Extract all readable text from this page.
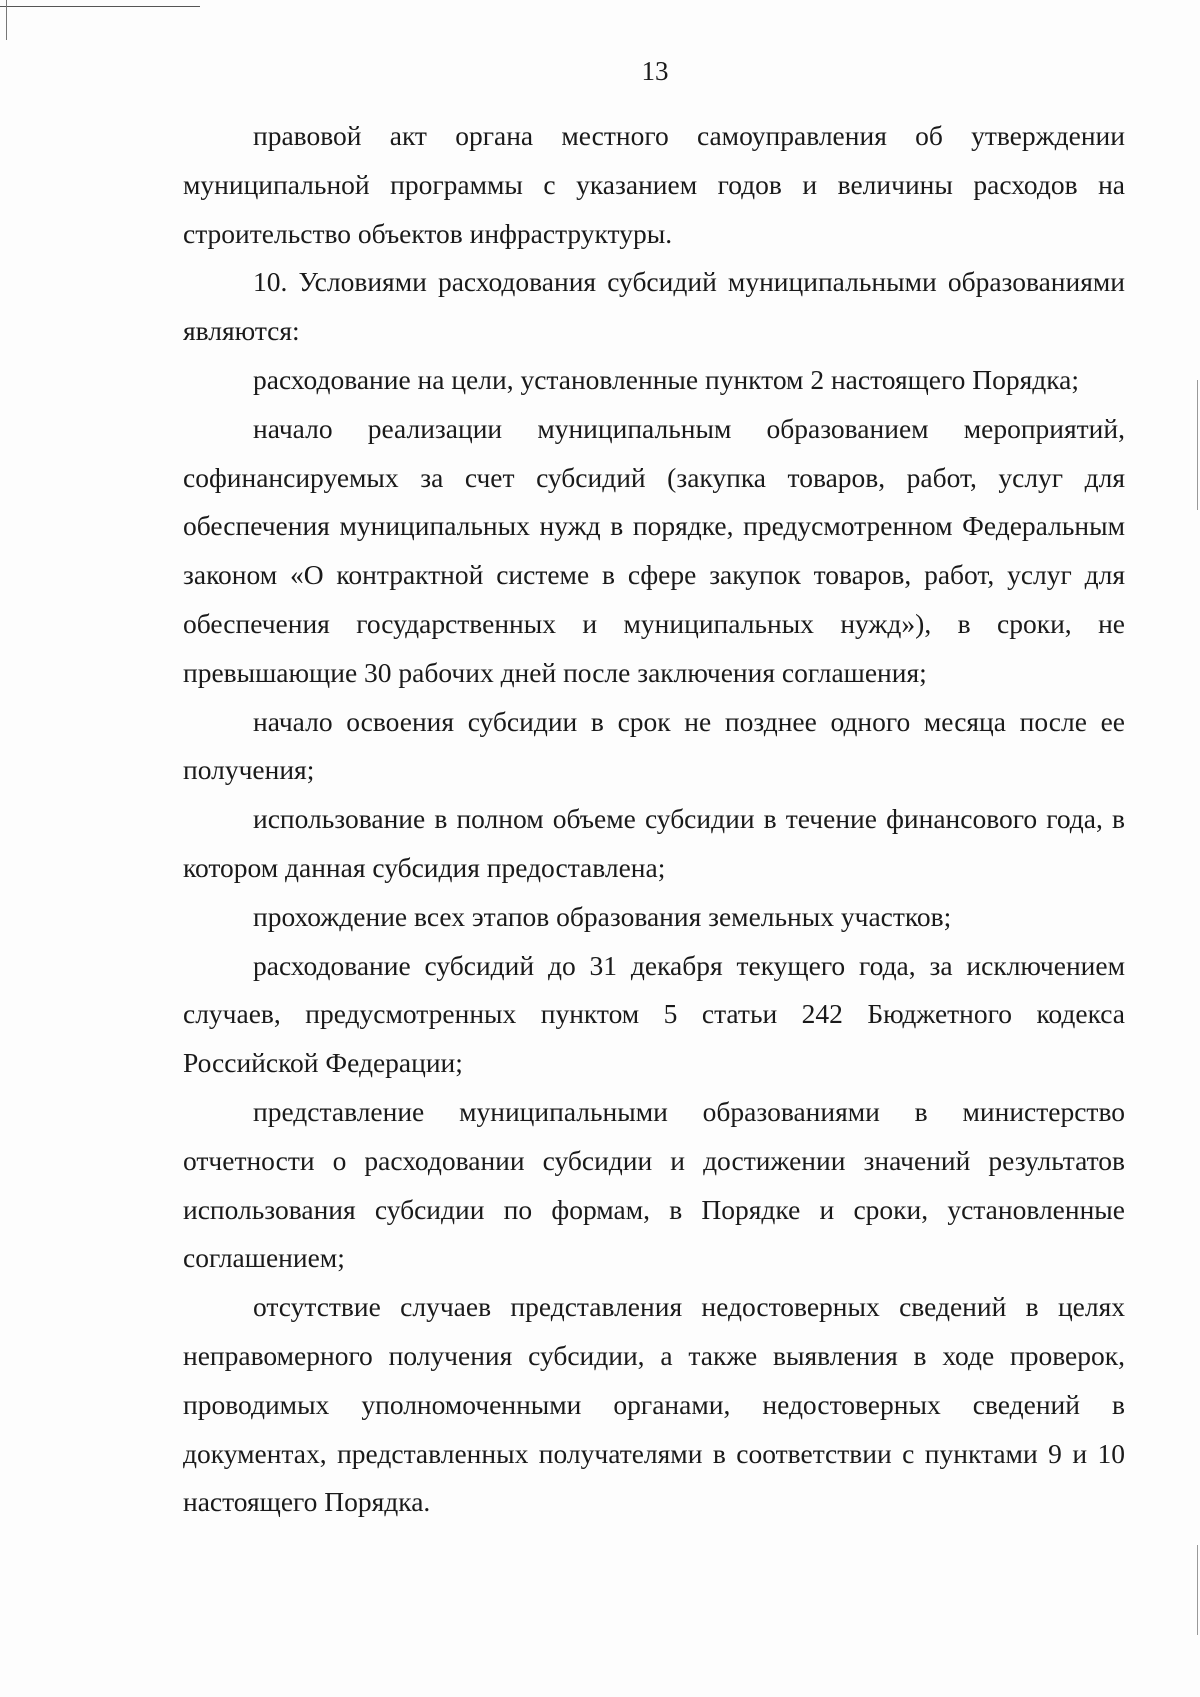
13

правовой акт органа местного самоуправления об утверждении муниципальной программы с указанием годов и величины расходов на строительство объектов инфраструктуры.

10. Условиями расходования субсидий муниципальными образованиями являются:

расходование на цели, установленные пунктом 2 настоящего Порядка;

начало реализации муниципальным образованием мероприятий, софинансируемых за счет субсидий (закупка товаров, работ, услуг для обеспечения муниципальных нужд в порядке, предусмотренном Федеральным законом «О контрактной системе в сфере закупок товаров, работ, услуг для обеспечения государственных и муниципальных нужд»), в сроки, не превышающие 30 рабочих дней после заключения соглашения;

начало освоения субсидии в срок не позднее одного месяца после ее получения;

использование в полном объеме субсидии в течение финансового года, в котором данная субсидия предоставлена;

прохождение всех этапов образования земельных участков;

расходование субсидий до 31 декабря текущего года, за исключением случаев, предусмотренных пунктом 5 статьи 242 Бюджетного кодекса Российской Федерации;

представление муниципальными образованиями в министерство отчетности о расходовании субсидии и достижении значений результатов использования субсидии по формам, в Порядке и сроки, установленные соглашением;

отсутствие случаев представления недостоверных сведений в целях неправомерного получения субсидии, а также выявления в ходе проверок, проводимых уполномоченными органами, недостоверных сведений в документах, представленных получателями в соответствии с пунктами 9 и 10 настоящего Порядка.
